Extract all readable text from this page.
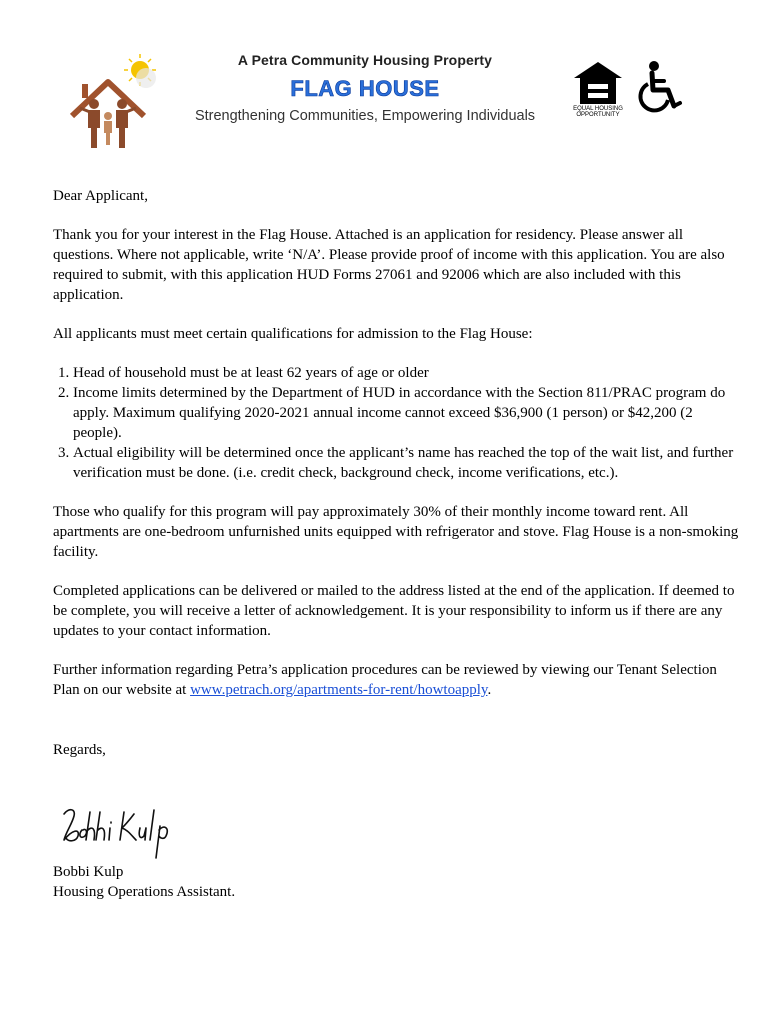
A Petra Community Housing Property
FLAG HOUSE
Strengthening Communities, Empowering Individuals	EQUAL HOUSING
OPPORTUNITY

Dear Applicant,

Thank you for your interest in the Flag House. Attached is an application for residency. Please answer all questions. Where not applicable, write ‘N/A’. Please provide proof of income with this application. You are also required to submit, with this application HUD Forms 27061 and 92006 which are also included with this application.

All applicants must meet certain qualifications for admission to the Flag House:

1. Head of household must be at least 62 years of age or older
2. Income limits determined by the Department of HUD in accordance with the Section 811/PRAC program do apply. Maximum qualifying 2020-2021 annual income cannot exceed $36,900 (1 person) or $42,200 (2 people).
3. Actual eligibility will be determined once the applicant’s name has reached the top of the wait list, and further verification must be done. (i.e. credit check, background check, income verifications, etc.).

Those who qualify for this program will pay approximately 30% of their monthly income toward rent. All apartments are one-bedroom unfurnished units equipped with refrigerator and stove. Flag House is a non-smoking facility.

Completed applications can be delivered or mailed to the address listed at the end of the application. If deemed to be complete, you will receive a letter of acknowledgement. It is your responsibility to inform us if there are any updates to your contact information.

Further information regarding Petra’s application procedures can be reviewed by viewing our Tenant Selection Plan on our website at www.petrach.org/apartments-for-rent/howtoapply.

Regards,

Bobbi Kulp
Housing Operations Assistant.
